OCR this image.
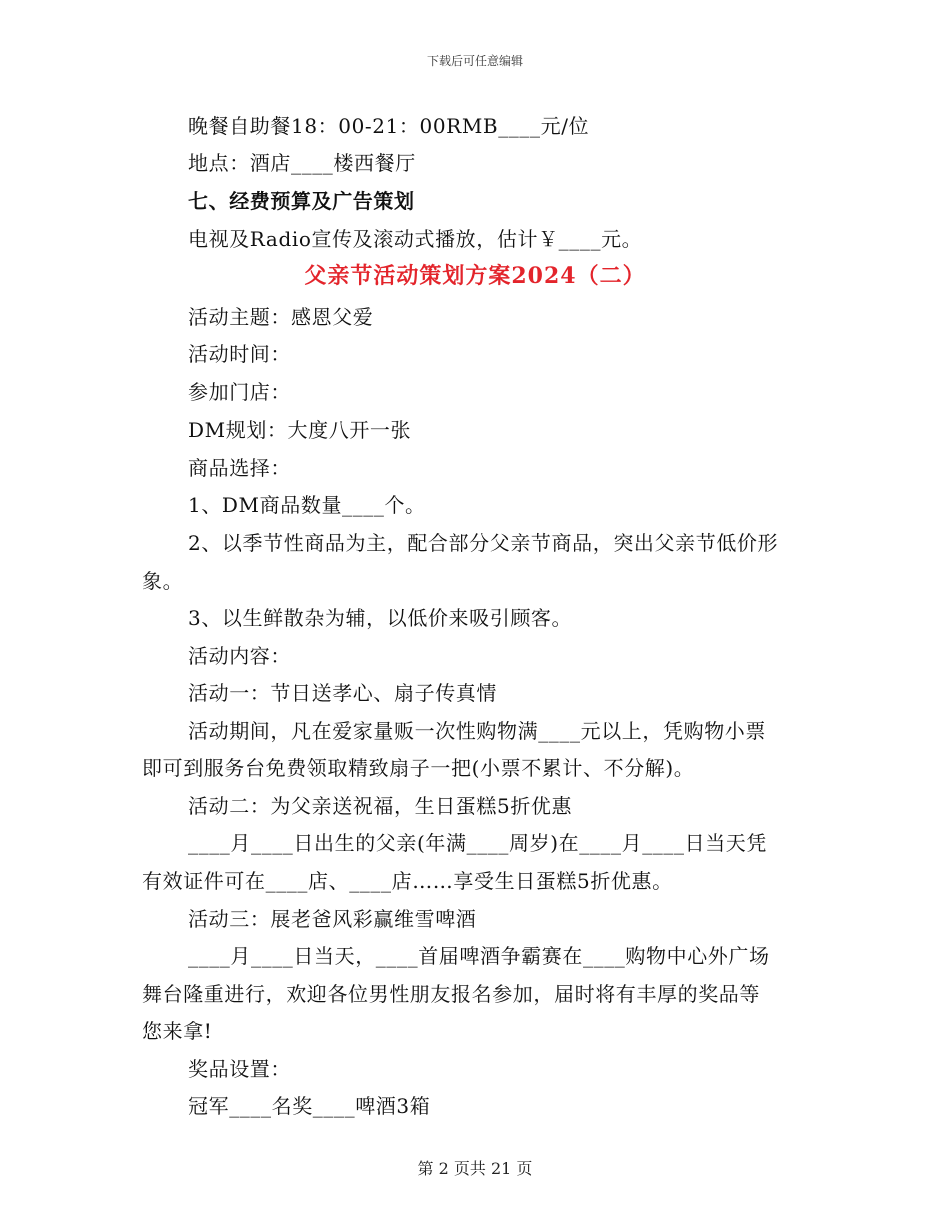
下载后可任意编辑
晚餐自助餐18：00-21：00RMB____元/位
地点：酒店____楼西餐厅
七、经费预算及广告策划
电视及Radio宣传及滚动式播放，估计￥____元。
父亲节活动策划方案2024（二）
活动主题：感恩父爱
活动时间：
参加门店：
DM规划：大度八开一张
商品选择：
1、DM商品数量____个。
2、以季节性商品为主，配合部分父亲节商品，突出父亲节低价形
象。
3、以生鲜散杂为辅，以低价来吸引顾客。
活动内容：
活动一：节日送孝心、扇子传真情
活动期间，凡在爱家量贩一次性购物满____元以上，凭购物小票
即可到服务台免费领取精致扇子一把(小票不累计、不分解)。
活动二：为父亲送祝福，生日蛋糕5折优惠
____月____日出生的父亲(年满____周岁)在____月____日当天凭
有效证件可在____店、____店……享受生日蛋糕5折优惠。
活动三：展老爸风彩赢维雪啤酒
____月____日当天，____首届啤酒争霸赛在____购物中心外广场
舞台隆重进行，欢迎各位男性朋友报名参加，届时将有丰厚的奖品等
您来拿!
奖品设置：
冠军____名奖____啤酒3箱
第 2 页共 21 页
